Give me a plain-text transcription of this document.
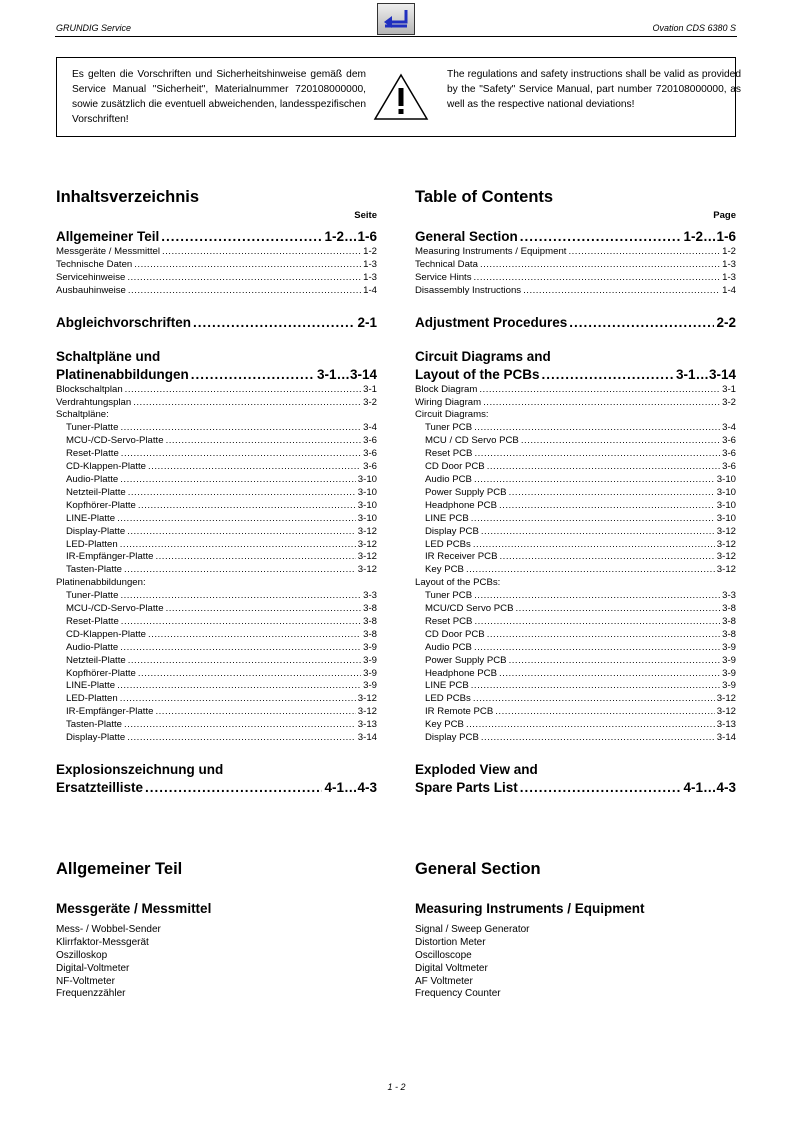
GRUNDIG Service	Ovation CDS 6380 S
Es gelten die Vorschriften und Sicherheitshinweise gemäß dem Service Manual "Sicherheit", Materialnummer 720108000000, sowie zusätzlich die eventuell abweichenden, landesspezifischen Vorschriften!
The regulations and safety instructions shall be valid as provided by the "Safety" Service Manual, part number 720108000000, as well as the respective national deviations!
Inhaltsverzeichnis
Seite
Allgemeiner Teil .....	1-2…1-6
Messgeräte / Messmittel .....	1-2
Technische Daten .....	1-3
Servicehinweise .....	1-3
Ausbauhinweise .....	1-4
Abgleichvorschriften .....	2-1
Schaltpläne und
Platinenabbildungen .....	3-1…3-14
Blockschaltplan .....	3-1
Verdrahtungsplan .....	3-2
Schaltpläne:
Tuner-Platte .....	3-4
MCU-/CD-Servo-Platte .....	3-6
Reset-Platte .....	3-6
CD-Klappen-Platte .....	3-6
Audio-Platte .....	3-10
Netzteil-Platte .....	3-10
Kopfhörer-Platte .....	3-10
LINE-Platte .....	3-10
Display-Platte .....	3-12
LED-Platten .....	3-12
IR-Empfänger-Platte .....	3-12
Tasten-Platte .....	3-12
Platinenabbildungen:
Tuner-Platte .....	3-3
MCU-/CD-Servo-Platte .....	3-8
Reset-Platte .....	3-8
CD-Klappen-Platte .....	3-8
Audio-Platte .....	3-9
Netzteil-Platte .....	3-9
Kopfhörer-Platte .....	3-9
LINE-Platte .....	3-9
LED-Platten .....	3-12
IR-Empfänger-Platte .....	3-12
Tasten-Platte .....	3-13
Display-Platte .....	3-14
Explosionszeichnung und
Ersatzteilliste .....	4-1…4-3
Table of Contents
Page
General Section .....	1-2…1-6
Measuring Instruments / Equipment .....	1-2
Technical Data .....	1-3
Service Hints .....	1-3
Disassembly Instructions .....	1-4
Adjustment Procedures .....	2-2
Circuit Diagrams and
Layout of the PCBs .....	3-1…3-14
Block Diagram .....	3-1
Wiring Diagram .....	3-2
Circuit Diagrams:
Tuner PCB .....	3-4
MCU / CD Servo PCB .....	3-6
Reset PCB .....	3-6
CD Door PCB .....	3-6
Audio PCB .....	3-10
Power Supply PCB .....	3-10
Headphone PCB .....	3-10
LINE PCB .....	3-10
Display PCB .....	3-12
LED PCBs .....	3-12
IR Receiver PCB .....	3-12
Key PCB .....	3-12
Layout of the PCBs:
Tuner PCB .....	3-3
MCU/CD Servo PCB .....	3-8
Reset PCB .....	3-8
CD Door PCB .....	3-8
Audio PCB .....	3-9
Power Supply PCB .....	3-9
Headphone PCB .....	3-9
LINE PCB .....	3-9
LED PCBs .....	3-12
IR Remote PCB .....	3-12
Key PCB .....	3-13
Display PCB .....	3-14
Exploded View and
Spare Parts List .....	4-1…4-3
Allgemeiner Teil
Messgeräte / Messmittel
Mess- / Wobbel-Sender
Klirrfaktor-Messgerät
Oszilloskop
Digital-Voltmeter
NF-Voltmeter
Frequenzzähler
General Section
Measuring Instruments / Equipment
Signal / Sweep Generator
Distortion Meter
Oscilloscope
Digital Voltmeter
AF Voltmeter
Frequency Counter
1 - 2
